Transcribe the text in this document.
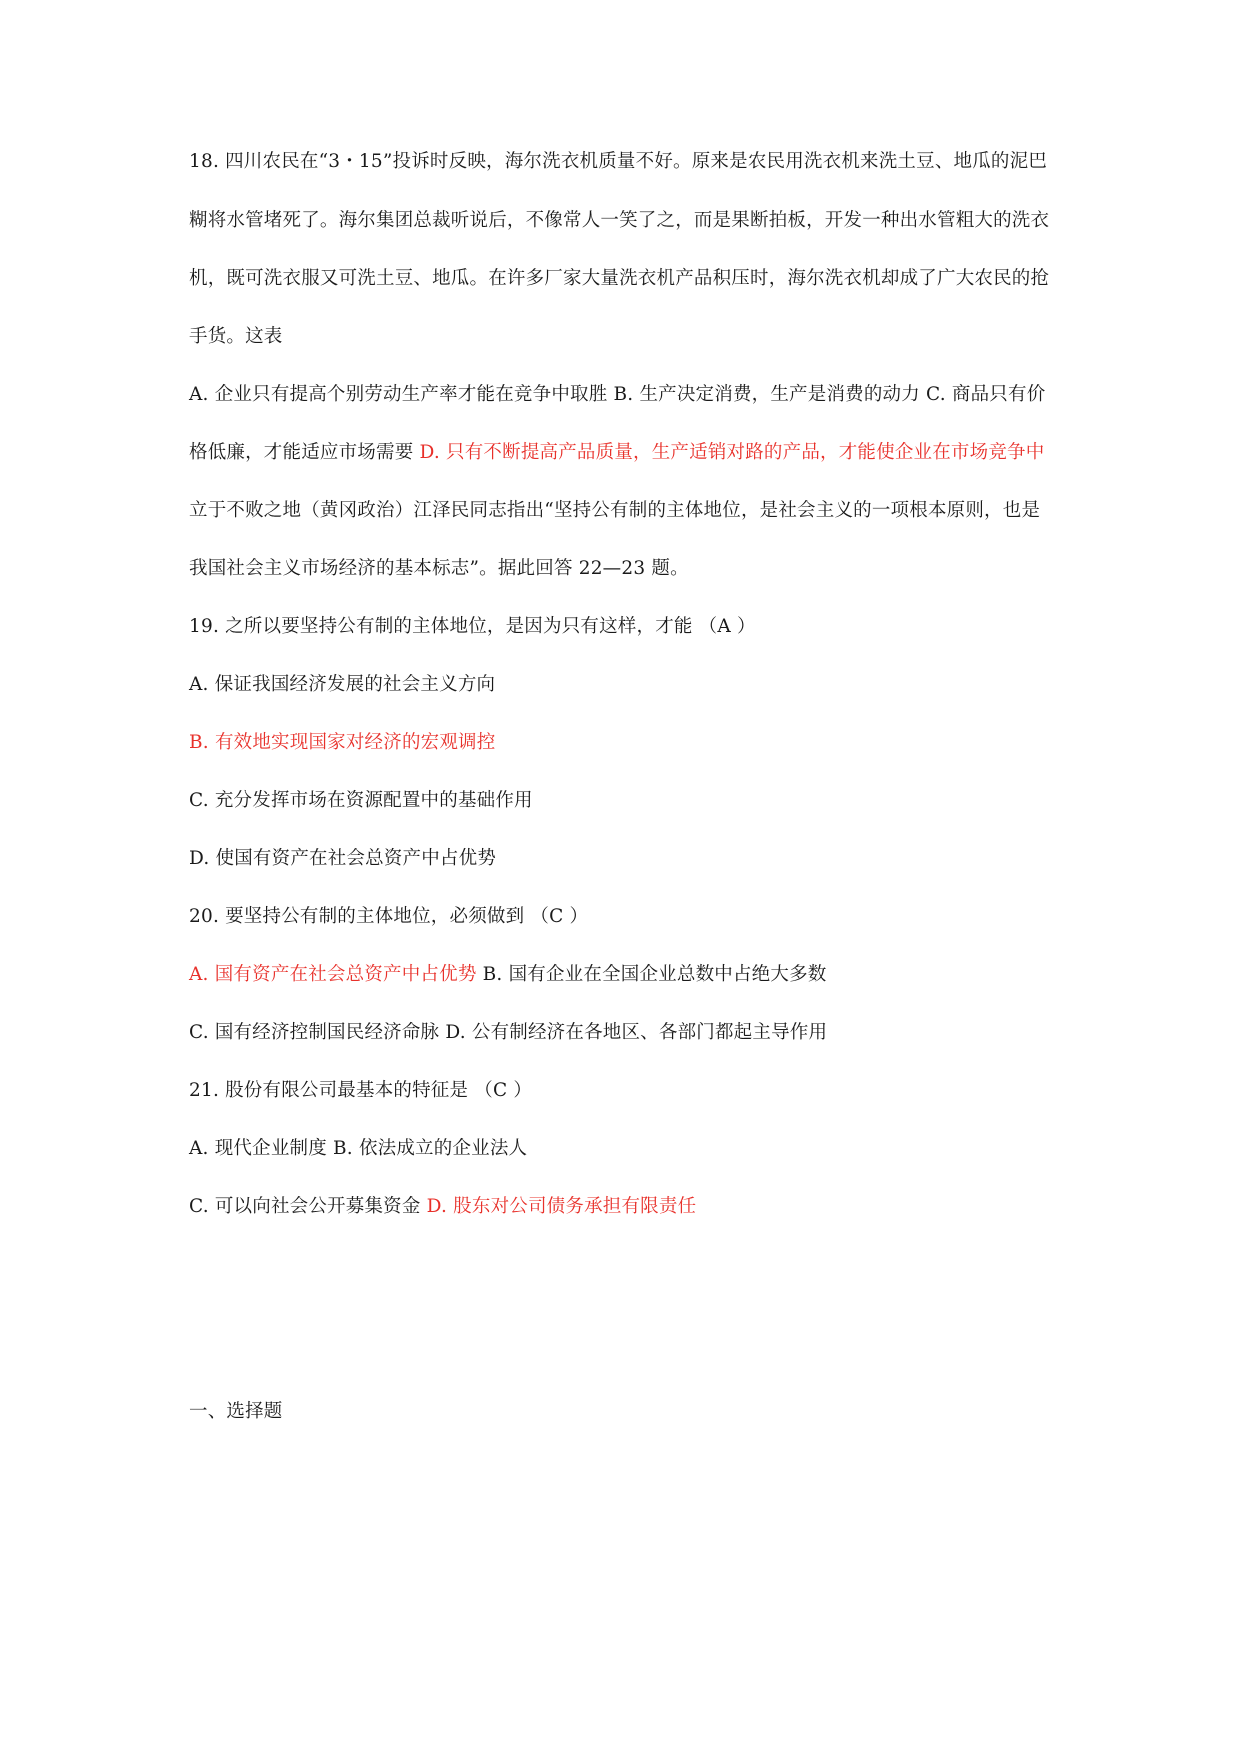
18. 四川农民在“3・15”投诉时反映，海尔洗衣机质量不好。原来是农民用洗衣机来洗土豆、地瓜的泥巴
糊将水管堵死了。海尔集团总裁听说后，不像常人一笑了之，而是果断拍板，开发一种出水管粗大的洗衣
机，既可洗衣服又可洗土豆、地瓜。在许多厂家大量洗衣机产品积压时，海尔洗衣机却成了广大农民的抢
手货。这表
A. 企业只有提高个别劳动生产率才能在竞争中取胜 B. 生产决定消费，生产是消费的动力 C. 商品只有价
格低廉，才能适应市场需要 D. 只有不断提高产品质量，生产适销对路的产品，才能使企业在市场竞争中
立于不败之地（黄冈政治）江泽民同志指出“坚持公有制的主体地位，是社会主义的一项根本原则，也是
我国社会主义市场经济的基本标志”。据此回答 22—23 题。
19. 之所以要坚持公有制的主体地位，是因为只有这样，才能 （A ）
A. 保证我国经济发展的社会主义方向
B. 有效地实现国家对经济的宏观调控
C. 充分发挥市场在资源配置中的基础作用
D. 使国有资产在社会总资产中占优势
20. 要坚持公有制的主体地位，必须做到 （C ）
A. 国有资产在社会总资产中占优势 B. 国有企业在全国企业总数中占绝大多数
C. 国有经济控制国民经济命脉 D. 公有制经济在各地区、各部门都起主导作用
21. 股份有限公司最基本的特征是 （C ）
A. 现代企业制度 B. 依法成立的企业法人
C. 可以向社会公开募集资金 D. 股东对公司债务承担有限责任
一、选择题
